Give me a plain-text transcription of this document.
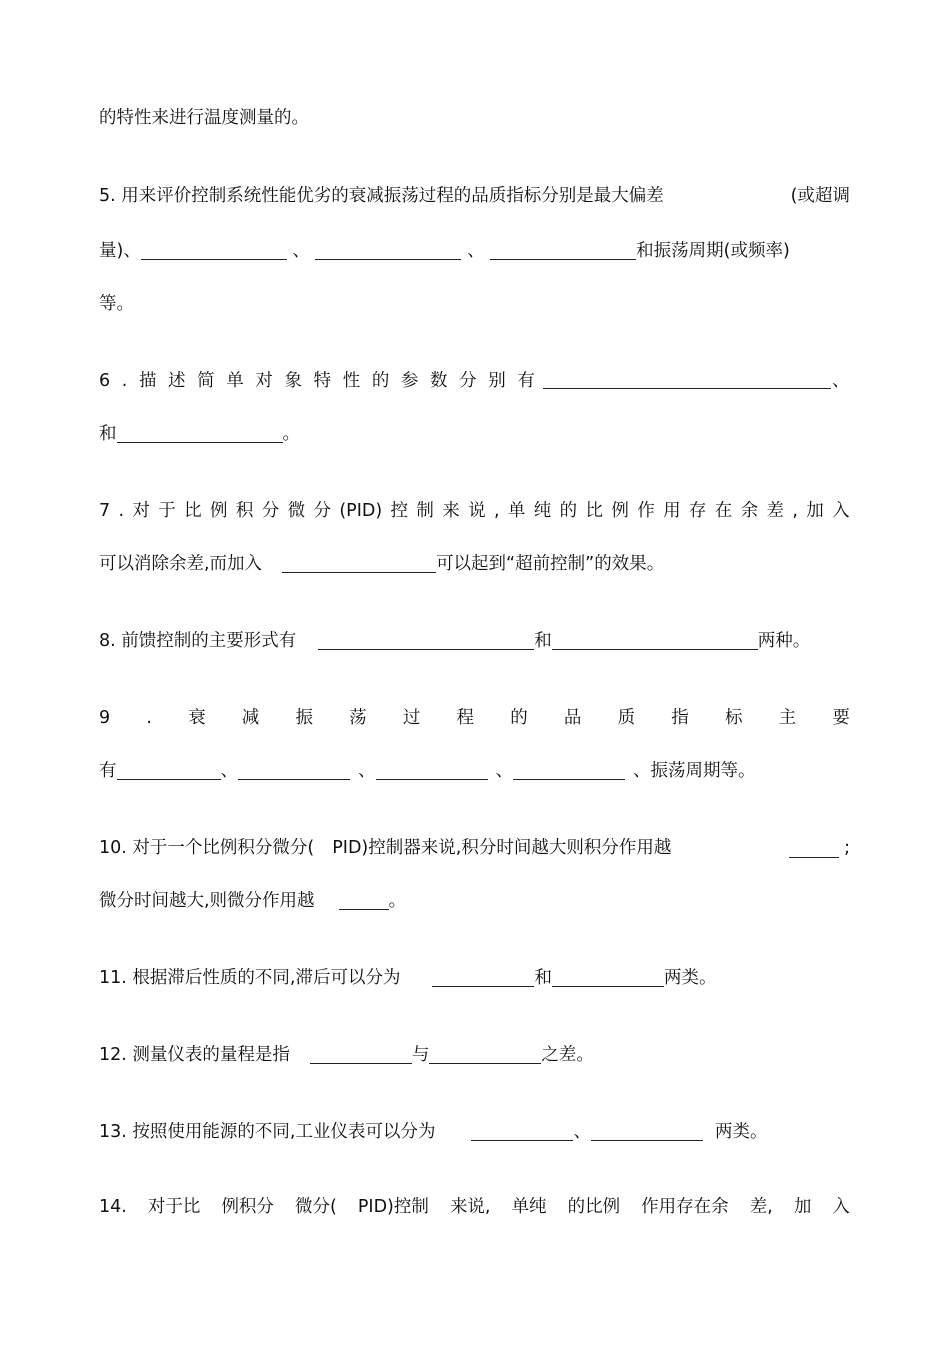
的特性来进行温度测量的。
5. 用来评价控制系统性能优劣的衰减振荡过程的品质指标分别是最大偏差	(或超调
量)、	、	、	和振荡周期(或频率)
等。
6 . 描 述 简 单 对 象 特 性 的 参 数 分 别 有	、
和	。
7 . 对 于 比 例 积 分 微 分 (PID) 控 制 来 说 , 单 纯 的 比 例 作 用 存 在 余 差 , 加 入
可以消除余差,而加入	可以起到“超前控制”的效果。
8. 前馈控制的主要形式有	和	两种。
9 . 衰 减 振 荡 过 程 的 品 质 指 标 主 要
有	、	、	、	、振荡周期等。
10. 对于一个比例积分微分( PID)控制器来说,积分时间越大则积分作用越	;
微分时间越大,则微分作用越	。
11. 根据滞后性质的不同,滞后可以分为	和	两类。
12. 测量仪表的量程是指	与	之差。
13. 按照使用能源的不同,工业仪表可以分为	、	两类。
14. 对于比 例积分 微分( PID)控制 来说, 单纯 的比例 作用存在余 差, 加 入
